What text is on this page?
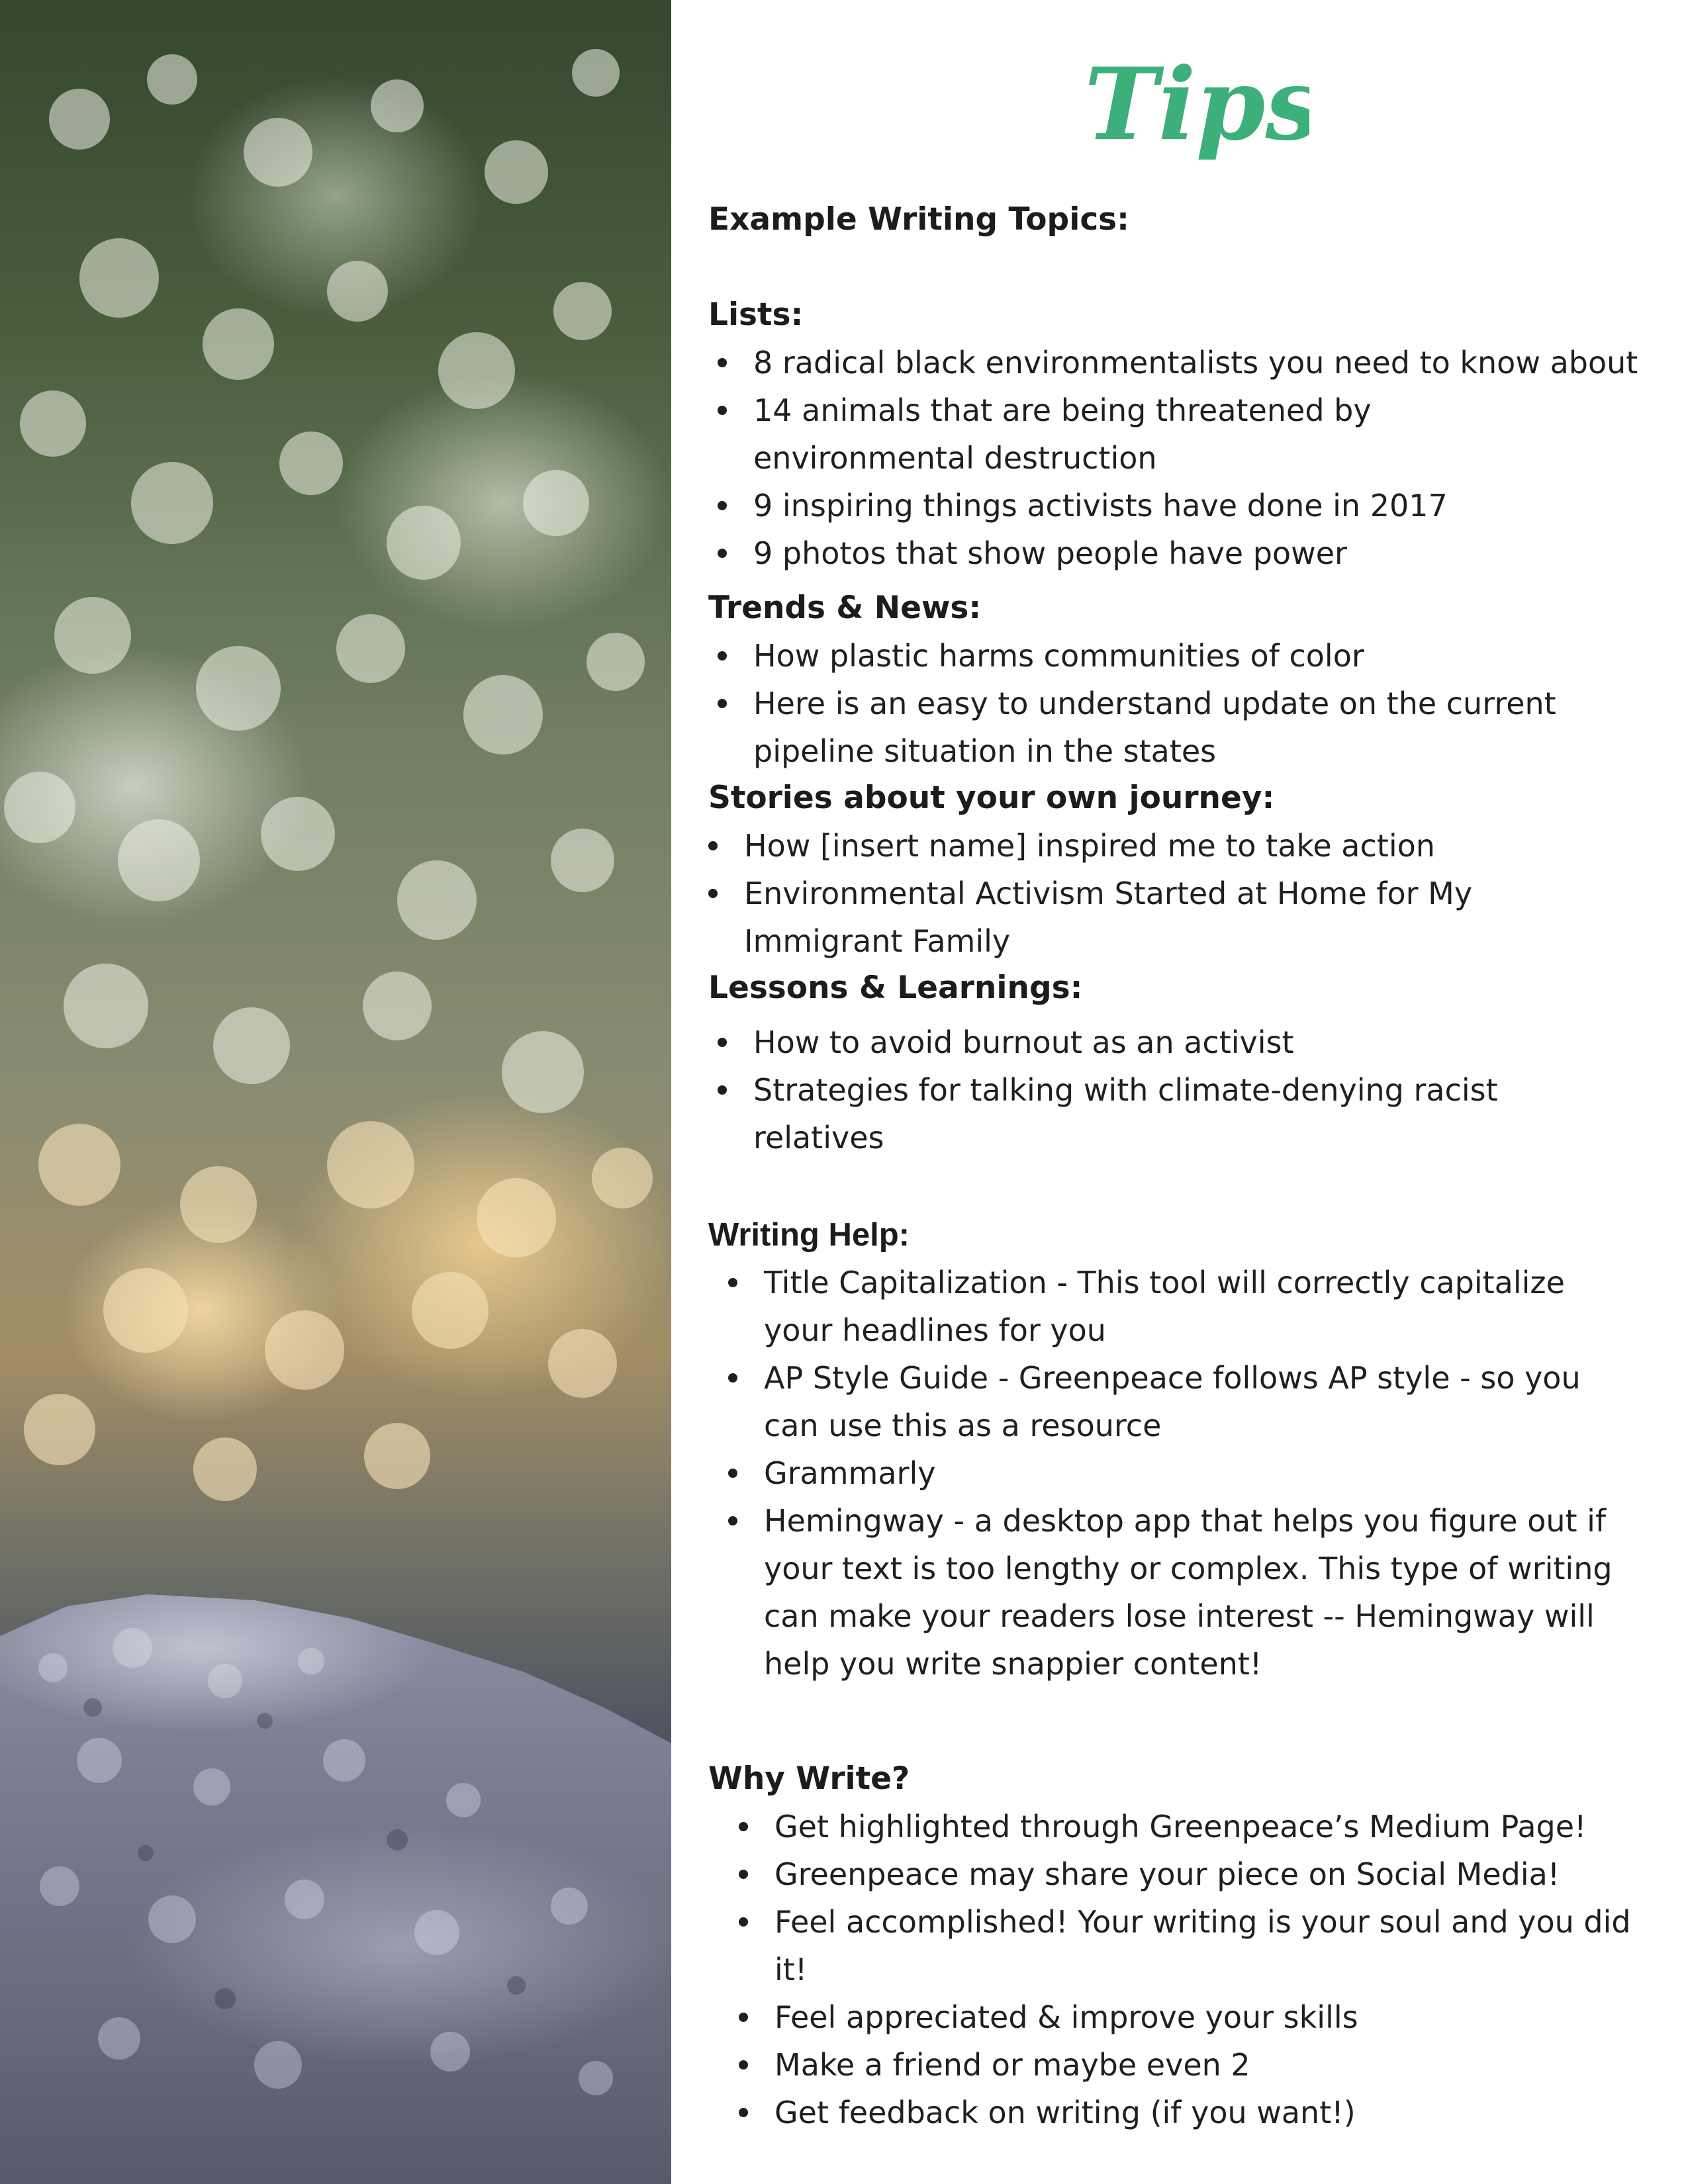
Tips
Example Writing Topics:
Lists:
8 radical black environmentalists you need to know about
14 animals that are being threatened by environmental destruction
9 inspiring things activists have done in 2017
9 photos that show people have power
Trends & News:
How plastic harms communities of color
Here is an easy to understand update on the current pipeline situation in the states
Stories about your own journey:
How [insert name] inspired me to take action
Environmental Activism Started at Home for My Immigrant Family
Lessons & Learnings:
How to avoid burnout as an activist
Strategies for talking with climate-denying racist relatives
Writing Help:
Title Capitalization - This tool will correctly capitalize your headlines for you
AP Style Guide - Greenpeace follows AP style - so you can use this as a resource
Grammarly
Hemingway - a desktop app that helps you figure out if your text is too lengthy or complex. This type of writing can make your readers lose interest -- Hemingway will help you write snappier content!
Why Write?
Get highlighted through Greenpeace’s Medium Page!
Greenpeace may share your piece on Social Media!
Feel accomplished! Your writing is your soul and you did it!
Feel appreciated & improve your skills
Make a friend or maybe even 2
Get feedback on writing (if you want!)
